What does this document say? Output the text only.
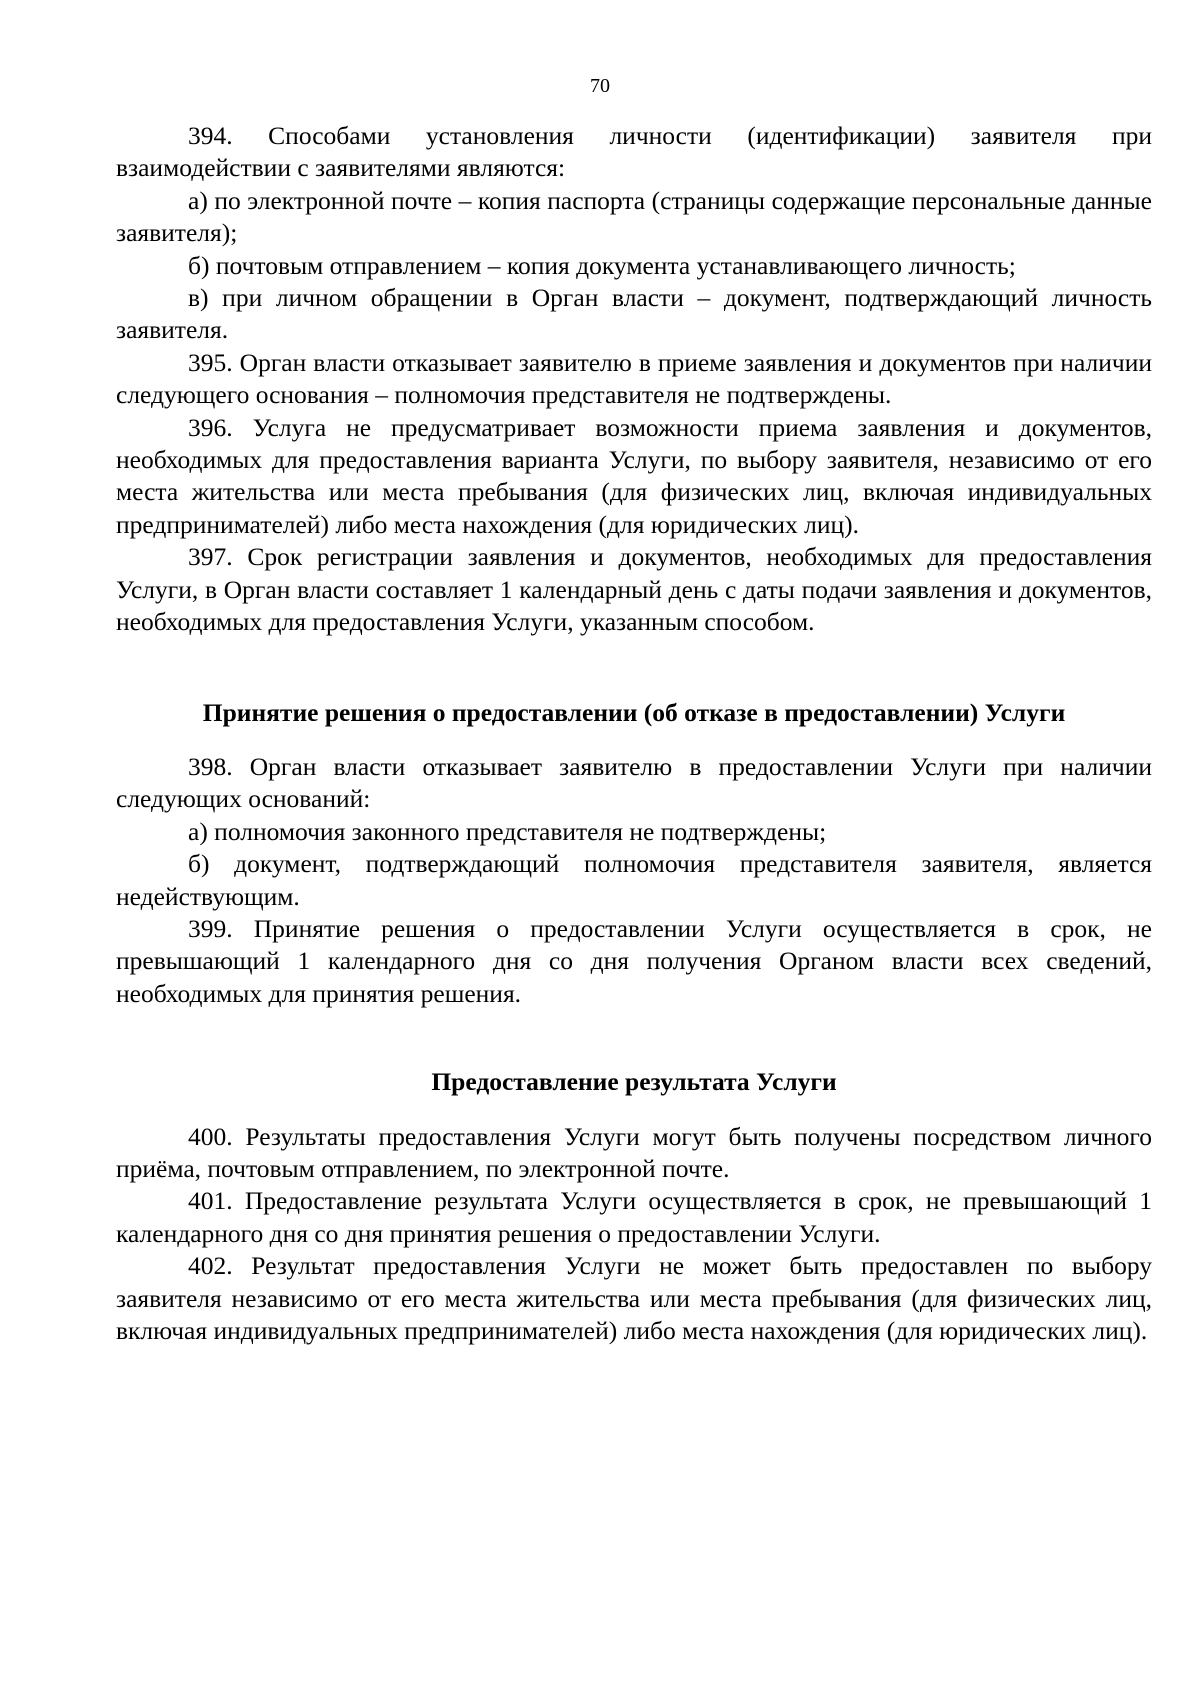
70

394. Способами установления личности (идентификации) заявителя при взаимодействии с заявителями являются:

а) по электронной почте – копия паспорта (страницы содержащие персональные данные заявителя);

б) почтовым отправлением – копия документа устанавливающего личность;

в) при личном обращении в Орган власти – документ, подтверждающий личность заявителя.

395. Орган власти отказывает заявителю в приеме заявления и документов при наличии следующего основания – полномочия представителя не подтверждены.

396. Услуга не предусматривает возможности приема заявления и документов, необходимых для предоставления варианта Услуги, по выбору заявителя, независимо от его места жительства или места пребывания (для физических лиц, включая индивидуальных предпринимателей) либо места нахождения (для юридических лиц).

397. Срок регистрации заявления и документов, необходимых для предоставления Услуги, в Орган власти составляет 1 календарный день с даты подачи заявления и документов, необходимых для предоставления Услуги, указанным способом.

Принятие решения о предоставлении (об отказе в предоставлении) Услуги

398. Орган власти отказывает заявителю в предоставлении Услуги при наличии следующих оснований:

а) полномочия законного представителя не подтверждены;

б) документ, подтверждающий полномочия представителя заявителя, является недействующим.

399. Принятие решения о предоставлении Услуги осуществляется в срок, не превышающий 1 календарного дня со дня получения Органом власти всех сведений, необходимых для принятия решения.

Предоставление результата Услуги

400. Результаты предоставления Услуги могут быть получены посредством личного приёма, почтовым отправлением, по электронной почте.

401. Предоставление результата Услуги осуществляется в срок, не превышающий 1 календарного дня со дня принятия решения о предоставлении Услуги.

402. Результат предоставления Услуги не может быть предоставлен по выбору заявителя независимо от его места жительства или места пребывания (для физических лиц, включая индивидуальных предпринимателей) либо места нахождения (для юридических лиц).
